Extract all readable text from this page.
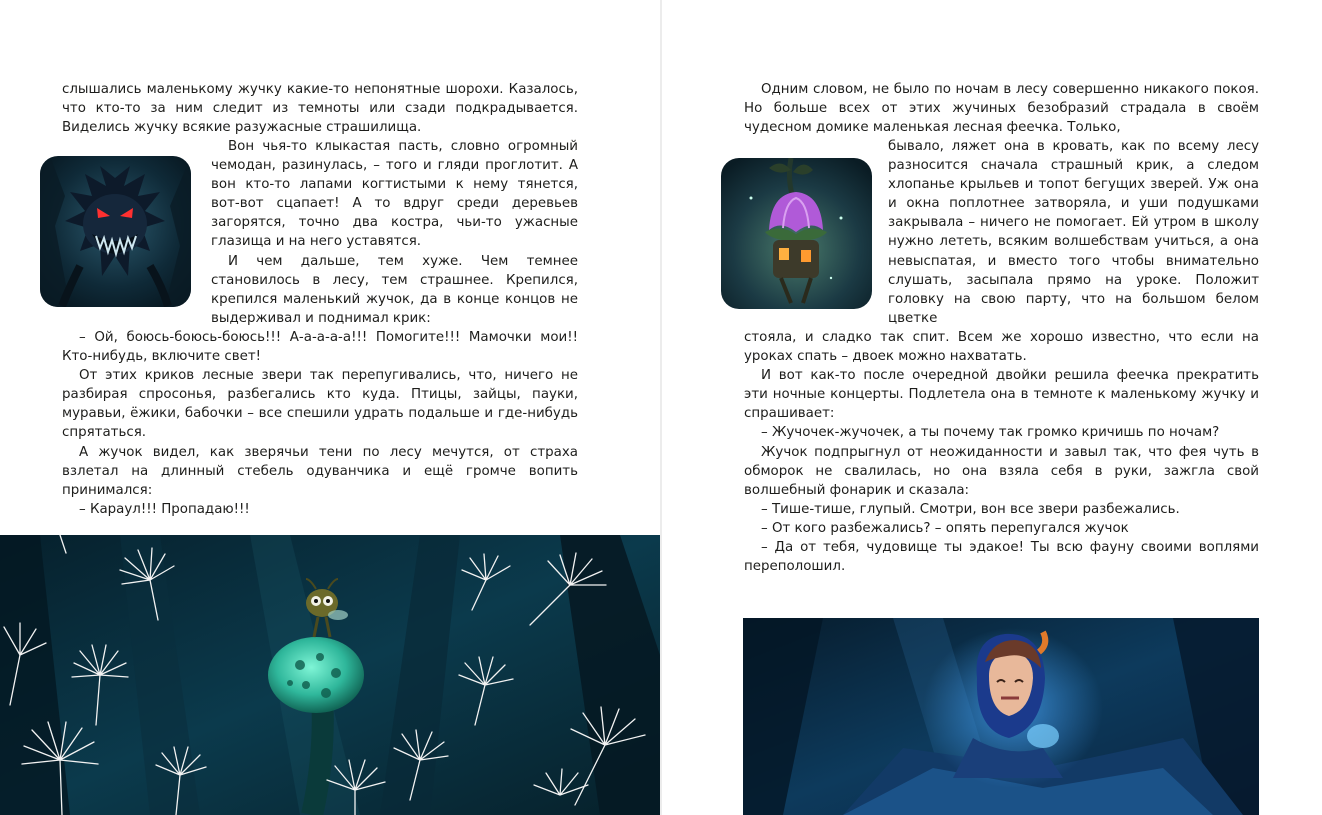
слышались маленькому жучку какие-то непонятные шорохи. Казалось, что кто-то за ним следит из темноты или сзади подкрадывается. Виделись жучку всякие разужасные страшилища.

Вон чья-то клыкастая пасть, словно огромный чемодан, разинулась, – того и гляди проглотит. А вон кто-то лапами когтистыми к нему тянется, вот-вот сцапает! А то вдруг среди деревьев загорятся, точно два костра, чьи-то ужасные глазища и на него уставятся.

И чем дальше, тем хуже. Чем темнее становилось в лесу, тем страшнее. Крепился, крепился маленький жучок, да в конце концов не выдерживал и поднимал крик:

– Ой, боюсь-боюсь-боюсь!!! А-а-а-а-а!!! Помогите!!! Мамочки мои!! Кто-нибудь, включите свет!

От этих криков лесные звери так перепугивались, что, ничего не разбирая спросонья, разбегались кто куда. Птицы, зайцы, пауки, муравьи, ёжики, бабочки – все спешили удрать подальше и где-нибудь спрятаться.

А жучок видел, как зверячьи тени по лесу мечутся, от страха взлетал на длинный стебель одуванчика и ещё громче вопить принимался:

– Караул!!! Пропадаю!!!

Одним словом, не было по ночам в лесу совершенно никакого покоя. Но больше всех от этих жучиных безобразий страдала в своём чудесном домике маленькая лесная феечка. Только,

бывало, ляжет она в кровать, как по всему лесу разносится сначала страшный крик, а следом хлопанье крыльев и топот бегущих зверей. Уж она и окна поплотнее затворяла, и уши подушками закрывала – ничего не помогает. Ей утром в школу нужно лететь, всяким волшебствам учиться, а она невыспатая, и вместо того чтобы внимательно слушать, засыпала прямо на уроке. Положит головку на свою парту, что на большом белом цветке

стояла, и сладко так спит. Всем же хорошо известно, что если на уроках спать – двоек можно нахватать.

И вот как-то после очередной двойки решила феечка прекратить эти ночные концерты. Подлетела она в темноте к маленькому жучку и спрашивает:

– Жучочек-жучочек, а ты почему так громко кричишь по ночам?

Жучок подпрыгнул от неожиданности и завыл так, что фея чуть в обморок не свалилась, но она взяла себя в руки, зажгла свой волшебный фонарик и сказала:

– Тише-тише, глупый. Смотри, вон все звери разбежались.

– От кого разбежались? – опять перепугался жучок

– Да от тебя, чудовище ты эдакое! Ты всю фауну своими воплями переполошил.
